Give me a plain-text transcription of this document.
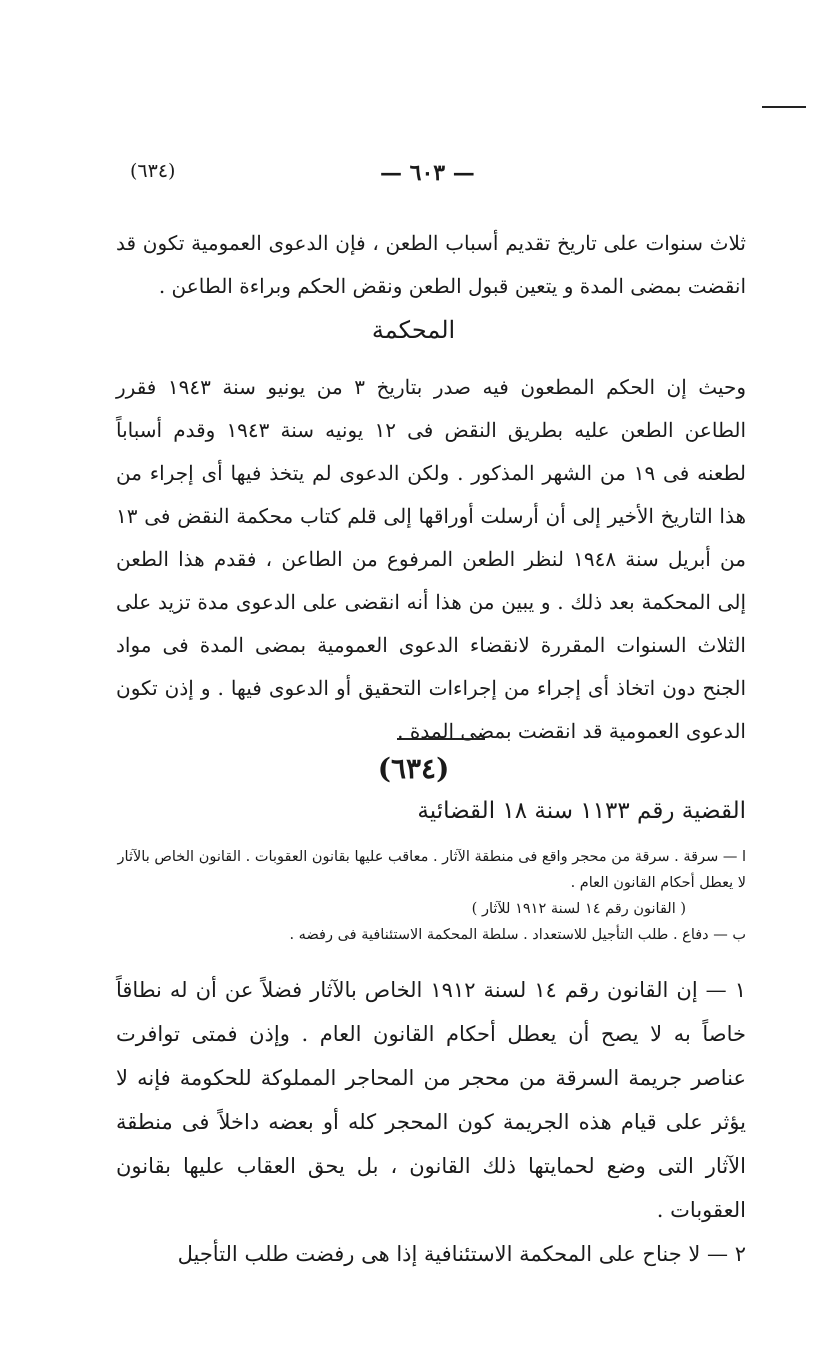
(٦٣٤)	— ٦٠٣ —

ثلاث سنوات على تاريخ تقديم أسباب الطعن ، فإن الدعوى العمومية تكون قد انقضت بمضى المدة و يتعين قبول الطعن ونقض الحكم وبراءة الطاعن .

المحكمة

وحيث إن الحكم المطعون فيه صدر بتاريخ ٣ من يونيو سنة ١٩٤٣ فقرر الطاعن الطعن عليه بطريق النقض فى ١٢ يونيه سنة ١٩٤٣ وقدم أسباباً لطعنه فى ١٩ من الشهر المذكور . ولكن الدعوى لم يتخذ فيها أى إجراء من هذا التاريخ الأخير إلى أن أرسلت أوراقها إلى قلم كتاب محكمة النقض فى ١٣ من أبريل سنة ١٩٤٨ لنظر الطعن المرفوع من الطاعن ، فقدم هذا الطعن إلى المحكمة بعد ذلك . و يبين من هذا أنه انقضى على الدعوى مدة تزيد على الثلاث السنوات المقررة لانقضاء الدعوى العمومية بمضى المدة فى مواد الجنح دون اتخاذ أى إجراء من إجراءات التحقيق أو الدعوى فيها . و إذن تكون الدعوى العمومية قد انقضت بمضى المدة .

(٦٣٤)
القضية رقم ١١٣٣ سنة ١٨ القضائية

ا — سرقة . سرقة من محجر واقع فى منطقة الآثار . معاقب عليها بقانون العقوبات . القانون الخاص بالآثار لا يعطل أحكام القانون العام .

( القانون رقم ١٤ لسنة ١٩١٢ للآثار )

ب — دفاع . طلب التأجيل للاستعداد . سلطة المحكمة الاستئنافية فى رفضه .

١ — إن القانون رقم ١٤ لسنة ١٩١٢ الخاص بالآثار فضلاً عن أن له نطاقاً خاصاً به لا يصح أن يعطل أحكام القانون العام . وإذن فمتى توافرت عناصر جريمة السرقة من محجر من المحاجر المملوكة للحكومة فإنه لا يؤثر على قيام هذه الجريمة كون المحجر كله أو بعضه داخلاً فى منطقة الآثار التى وضع لحمايتها ذلك القانون ، بل يحق العقاب عليها بقانون العقوبات .

٢ — لا جناح على المحكمة الاستئنافية إذا هى رفضت طلب التأجيل
